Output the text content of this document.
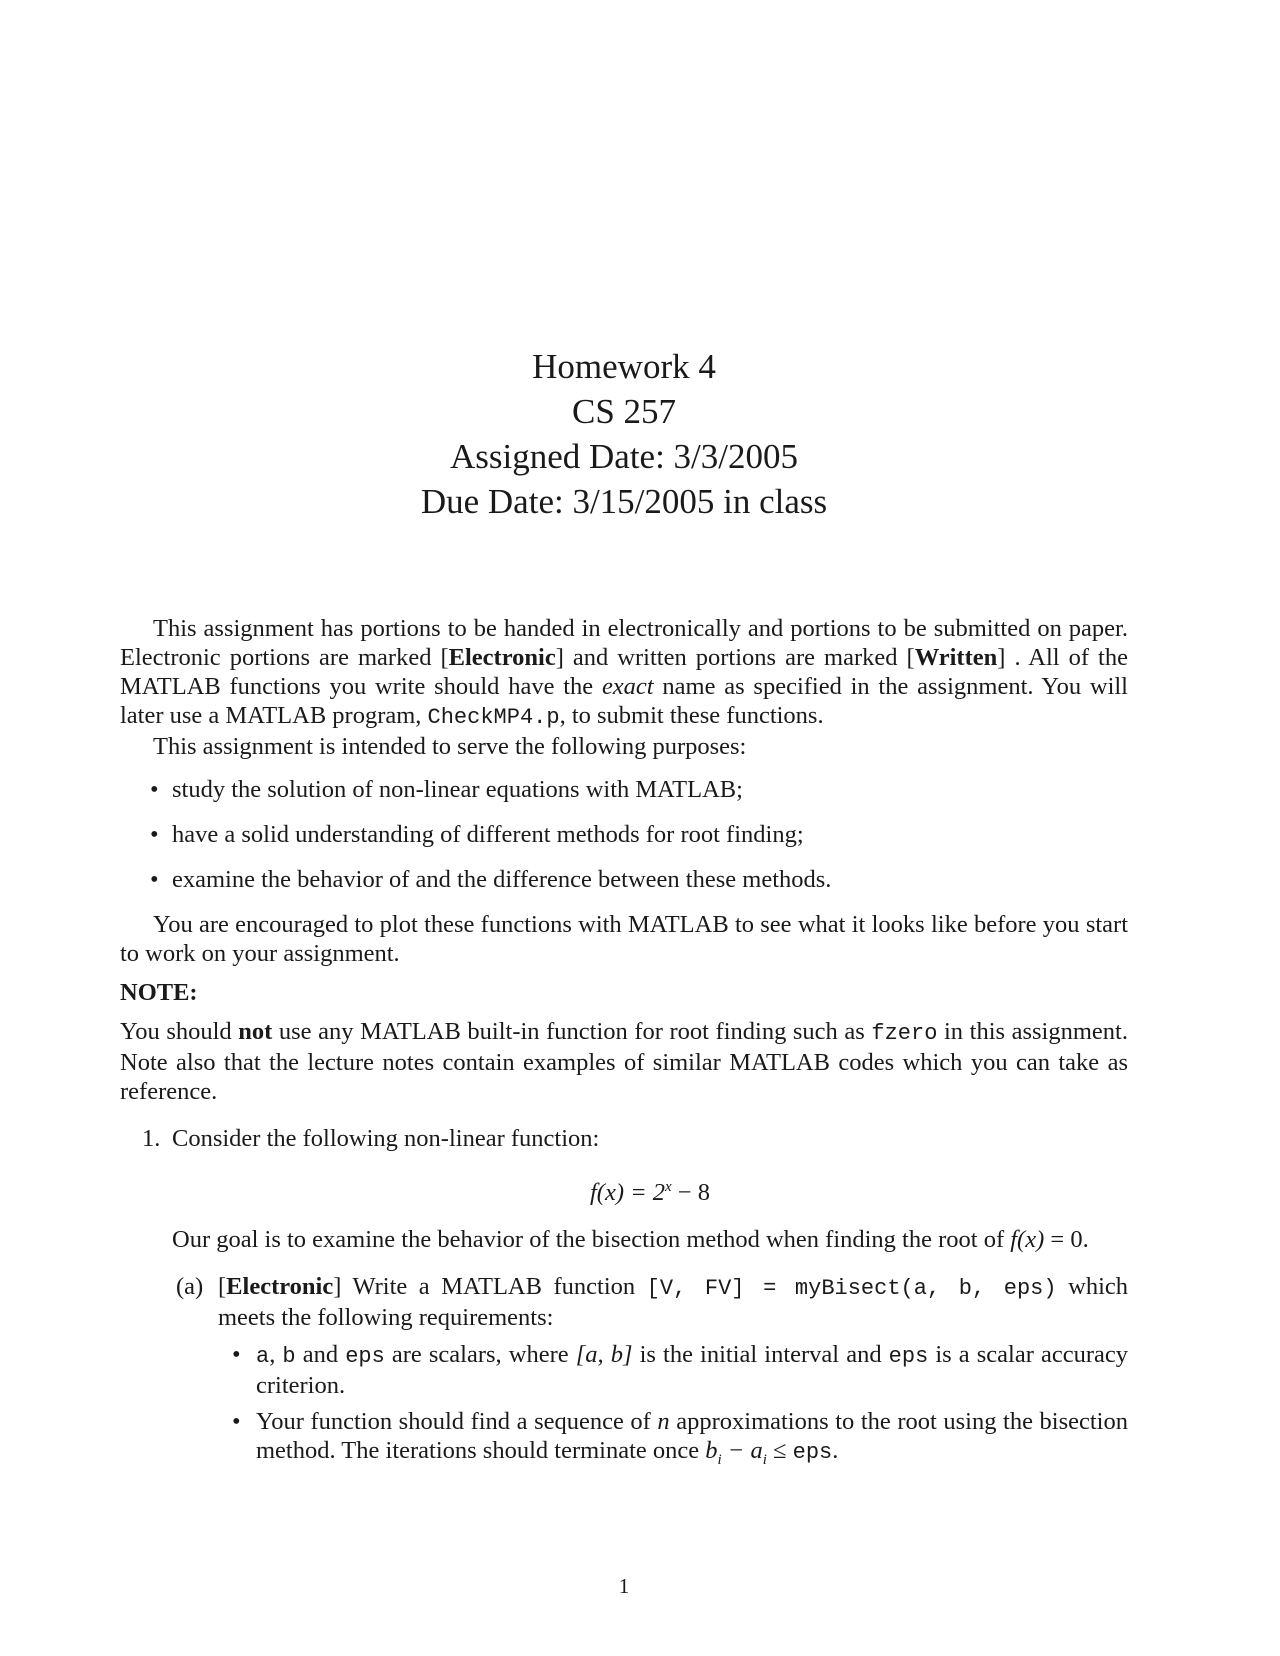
Homework 4
CS 257
Assigned Date: 3/3/2005
Due Date: 3/15/2005 in class

This assignment has portions to be handed in electronically and portions to be submitted on paper. Electronic portions are marked [Electronic] and written portions are marked [Written] . All of the MATLAB functions you write should have the exact name as specified in the assignment. You will later use a MATLAB program, CheckMP4.p, to submit these functions.

This assignment is intended to serve the following purposes:

• study the solution of non-linear equations with MATLAB;
• have a solid understanding of different methods for root finding;
• examine the behavior of and the difference between these methods.

You are encouraged to plot these functions with MATLAB to see what it looks like before you start to work on your assignment.

NOTE:

You should not use any MATLAB built-in function for root finding such as fzero in this assignment. Note also that the lecture notes contain examples of similar MATLAB codes which you can take as reference.

1. Consider the following non-linear function:

$f(x) = 2^x - 8$

Our goal is to examine the behavior of the bisection method when finding the root of f(x) = 0.

(a) [Electronic] Write a MATLAB function [V, FV] = myBisect(a, b, eps) which meets the following requirements:

• a, b and eps are scalars, where [a, b] is the initial interval and eps is a scalar accuracy criterion.
• Your function should find a sequence of n approximations to the root using the bisection method. The iterations should terminate once $b_i - a_i$ ≤ eps.
1
